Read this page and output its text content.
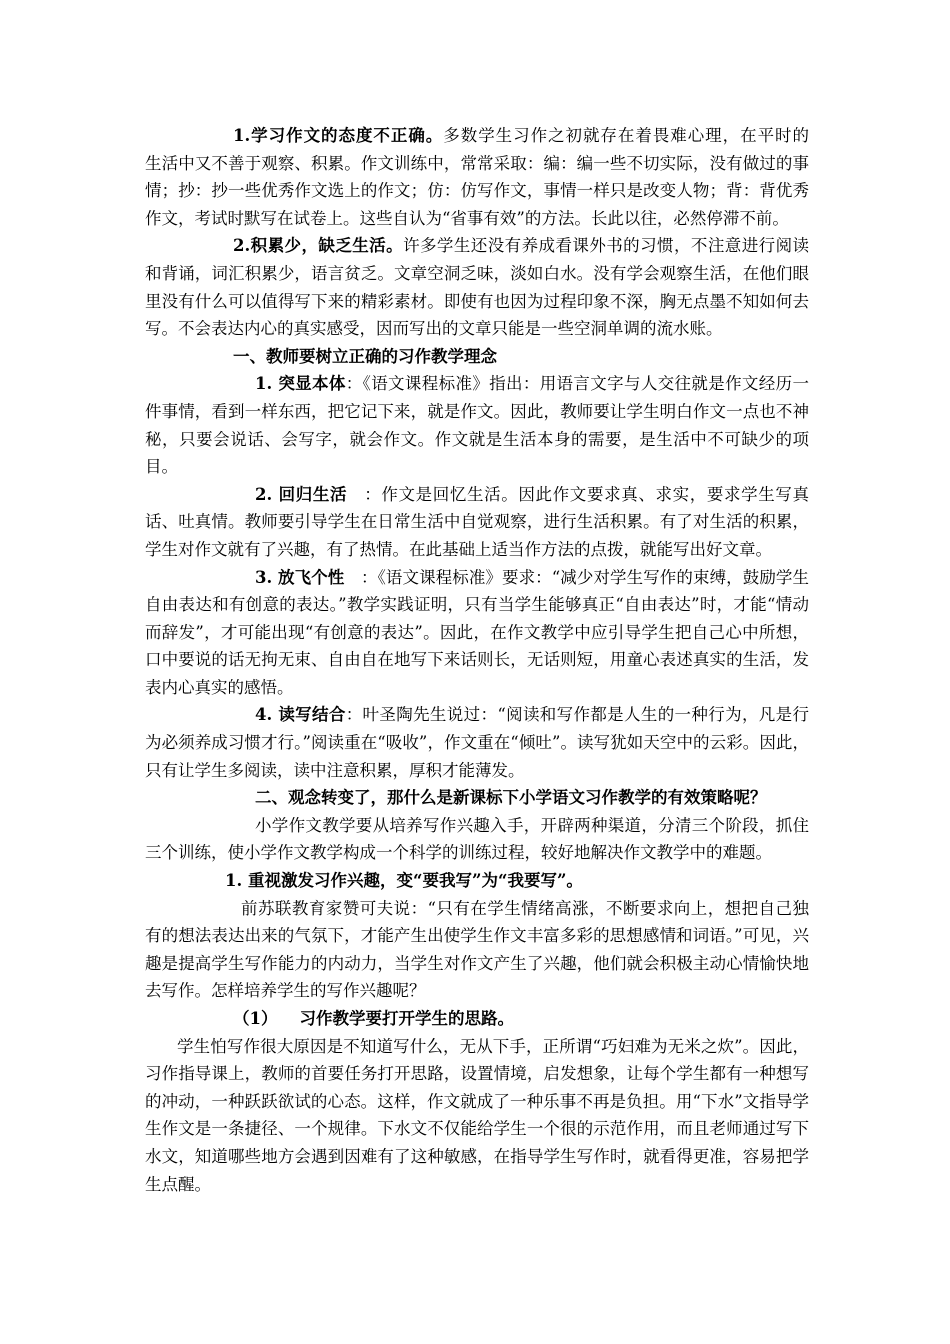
1.学习作文的态度不正确。多数学生习作之初就存在着畏难心理，在平时的　　 生活中又不善于观察、积累。作文训练中，常常采取：编：编一些不切实际，没有做过的事情；抄：抄一些优秀作文选上的作文；仿：仿写作文，事情一样只是改变人物；背：背优秀作文，考试时默写在试卷上。这些自认为“省事有效”的方法。长此以往，必然停滞不前。

2.积累少，缺乏生活。许多学生还没有养成看课外书的习惯，不注意进行阅读和背诵，词汇积累少，语言贫乏。文章空洞乏味，淡如白水。没有学会观察生活，在他们眼里没有什么可以值得写下来的精彩素材。即使有也因为过程印象不深，胸无点墨不知如何去写。不会表达内心的真实感受，因而写出的文章只能是一些空洞单调的流水账。

一、教师要树立正确的习作教学理念

1. 突显本体：《语文课程标准》指出：用语言文字与人交往就是作文经历一件事情，看到一样东西，把它记下来，就是作文。因此，教师要让学生明白作文一点也不神秘，只要会说话、会写字，就会作文。作文就是生活本身的需要，是生活中不可缺少的项目。

2. 回归生活　：作文是回忆生活。因此作文要求真、求实，要求学生写真话、吐真情。教师要引导学生在日常生活中自觉观察，进行生活积累。有了对生活的积累，学生对作文就有了兴趣，有了热情。在此基础上适当作方法的点拨，就能写出好文章。

3. 放飞个性　：《语文课程标准》要求：“减少对学生写作的束缚，鼓励学生自由表达和有创意的表达。”教学实践证明，只有当学生能够真正“自由表达”时，才能“情动而辞发”，才可能出现“有创意的表达”。因此，在作文教学中应引导学生把自己心中所想，口中要说的话无拘无束、自由自在地写下来话则长，无话则短，用童心表述真实的生活，发表内心真实的感悟。

4. 读写结合：叶圣陶先生说过：“阅读和写作都是人生的一种行为，凡是行为必须养成习惯才行。”阅读重在“吸收”，作文重在“倾吐”。读写犹如天空中的云彩。因此，只有让学生多阅读，读中注意积累，厚积才能薄发。

二、观念转变了，那什么是新课标下小学语文习作教学的有效策略呢？

小学作文教学要从培养写作兴趣入手，开辟两种渠道，分清三个阶段，抓住三个训练，使小学作文教学构成一个科学的训练过程，较好地解决作文教学中的难题。

1. 重视激发习作兴趣，变“要我写”为“我要写”。

前苏联教育家赞可夫说：“只有在学生情绪高涨，不断要求向上，想把自己独有的想法表达出来的气氛下，才能产生出使学生作文丰富多彩的思想感情和词语。”可见，兴趣是提高学生写作能力的内动力，当学生对作文产生了兴趣，他们就会积极主动心情愉快地去写作。怎样培养学生的写作兴趣呢？

（1） 习作教学要打开学生的思路。

学生怕写作很大原因是不知道写什么，无从下手，正所谓“巧妇难为无米之炊”。因此，习作指导课上，教师的首要任务打开思路，设置情境，启发想象，让每个学生都有一种想写的冲动，一种跃跃欲试的心态。这样，作文就成了一种乐事不再是负担。用“下水”文指导学生作文是一条捷径、一个规律。下水文不仅能给学生一个很的示范作用，而且老师通过写下水文，知道哪些地方会遇到因难有了这种敏感，在指导学生写作时，就看得更准，容易把学生点醒。
